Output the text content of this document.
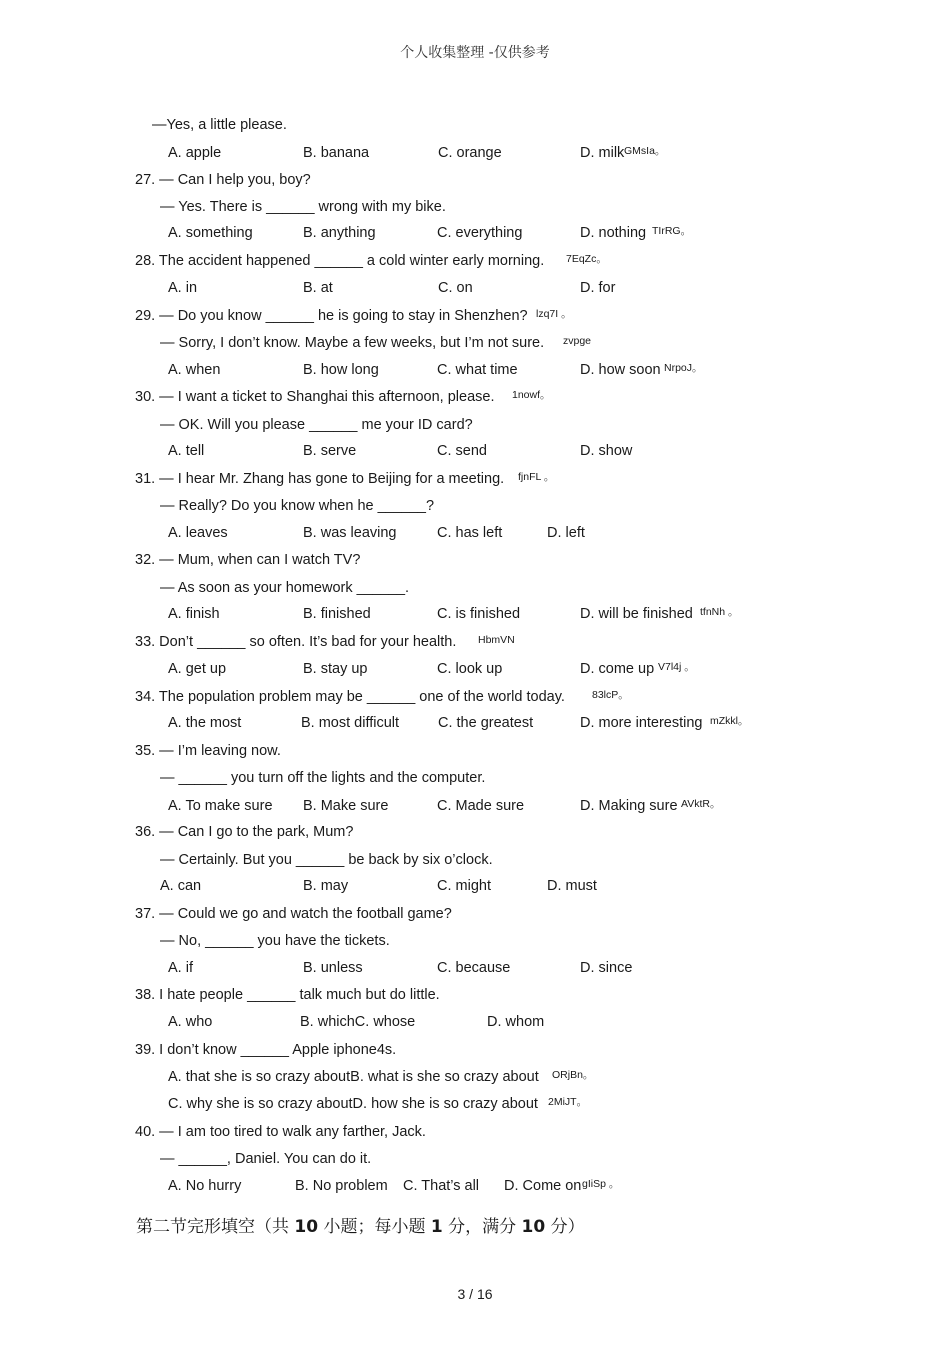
个人收集整理 -仅供参考
—Yes, a little please.
A. apple	B. banana	C. orange	D. milk GMsIa。
27. — Can I help you, boy?
— Yes. There is ______ wrong with my bike.
A. something	B. anything	C. everything	D. nothing TIrRG。
28. The accident happened ______ a cold winter early morning. 7EqZc。
A. in	B. at	C. on	D. for
29. — Do you know ______ he is going to stay in Shenzhen? lzq7I 。
— Sorry, I don’t know. Maybe a few weeks, but I’m not sure. zvpge
A. when	B. how long	C. what time	D. how soon NrpoJ。
30. — I want a ticket to Shanghai this afternoon, please. 1nowf。
— OK. Will you please ______ me your ID card?
A. tell	B. serve	C. send	D. show
31. — I hear Mr. Zhang has gone to Beijing for a meeting. fjnFL 。
— Really? Do you know when he ______?
A. leaves	B. was leaving	C. has left	D. left
32. — Mum, when can I watch TV?
— As soon as your homework ______.
A. finish	B. finished	C. is finished	D. will be finished tfnNh 。
33. Don’t ______ so often. It’s bad for your health. HbmVN
A. get up	B. stay up	C. look up	D. come up V7l4j 。
34. The population problem may be ______ one of the world today.	83lcP。
A. the most	B. most difficult	C. the greatest	D. more interesting mZkkl。
35. — I’m leaving now.
— ______ you turn off the lights and the computer.
A. To make sure B. Make sure	C. Made sure	D. Making sure AVktR。
36. — Can I go to the park, Mum?
— Certainly. But you ______ be back by six o’clock.
A. can	B. may	C. might	D. must
37. — Could we go and watch the football game?
— No, ______ you have the tickets.
A. if	B. unless	C. because	D. since
38. I hate people ______ talk much but do little.
A. who	B. whichC. whose	D. whom
39. I don’t know ______ Apple iphone4s.
A. that she is so crazy aboutB. what is she so crazy about ORjBn。
C. why she is so crazy aboutD. how she is so crazy about 2MiJT。
40. — I am too tired to walk any farther, Jack.
— ______, Daniel. You can do it.
A. No hurry	B. No problem C. That’s all D. Come on gIiSp 。
第二节完形填空（共 10 小题；每小题 1 分，满分 10 分）
3 / 16
